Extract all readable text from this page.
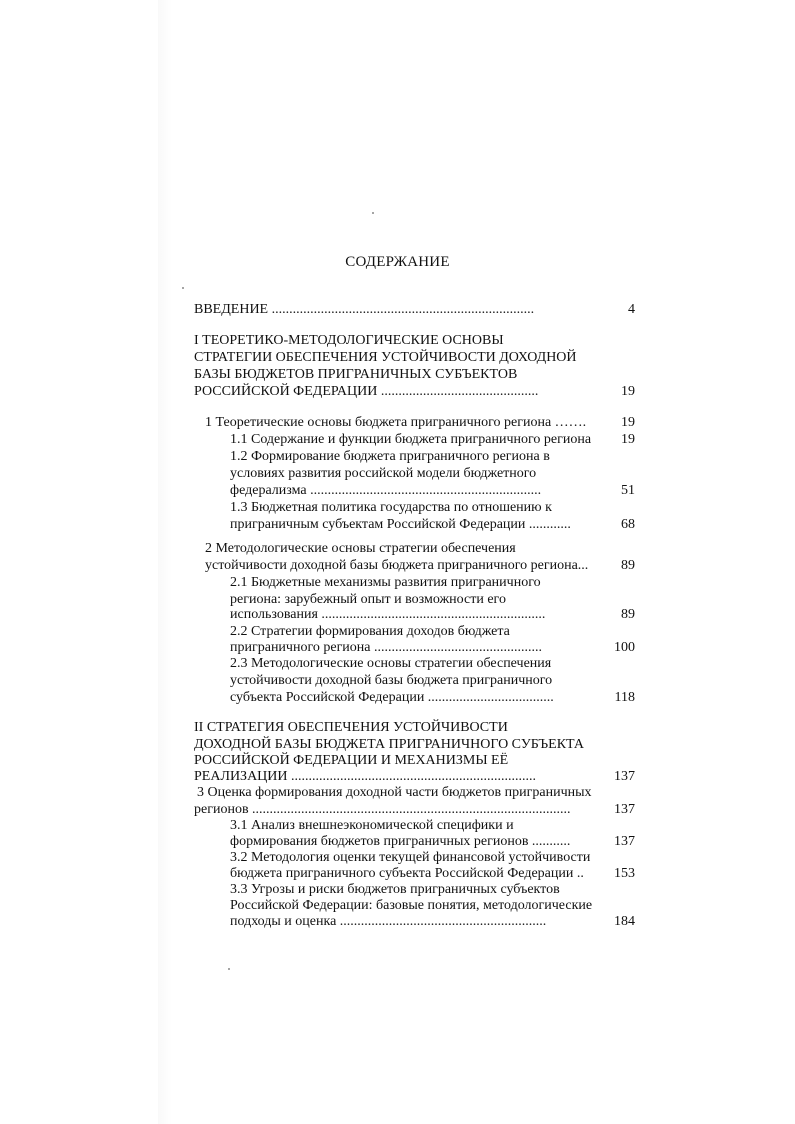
СОДЕРЖАНИЕ
ВВЕДЕНИЕ ...........................................................................	4
I ТЕОРЕТИКО-МЕТОДОЛОГИЧЕСКИЕ ОСНОВЫ
СТРАТЕГИИ ОБЕСПЕЧЕНИЯ УСТОЙЧИВОСТИ ДОХОДНОЙ
БАЗЫ БЮДЖЕТОВ ПРИГРАНИЧНЫХ СУБЪЕКТОВ
РОССИЙСКОЙ ФЕДЕРАЦИИ .............................................	19
1 Теоретические основы бюджета приграничного региона …….	19
1.1 Содержание и функции бюджета приграничного региона	19
1.2 Формирование бюджета приграничного региона в
условиях развития российской модели бюджетного
федерализма ..................................................................	51
1.3 Бюджетная политика государства по отношению к
приграничным субъектам Российской Федерации ............	68
2 Методологические основы стратегии обеспечения
устойчивости доходной базы бюджета приграничного региона...	89
2.1 Бюджетные механизмы развития приграничного
региона: зарубежный опыт и возможности его
использования ................................................................	89
2.2 Стратегии формирования доходов бюджета
приграничного региона ................................................	100
2.3 Методологические основы стратегии обеспечения
устойчивости доходной базы бюджета приграничного
субъекта Российской Федерации ....................................	118
II СТРАТЕГИЯ ОБЕСПЕЧЕНИЯ УСТОЙЧИВОСТИ
ДОХОДНОЙ БАЗЫ БЮДЖЕТА ПРИГРАНИЧНОГО СУБЪЕКТА
РОССИЙСКОЙ ФЕДЕРАЦИИ И МЕХАНИЗМЫ ЕЁ
РЕАЛИЗАЦИИ ......................................................................	137
3 Оценка формирования доходной части бюджетов приграничных
регионов ...........................................................................................	137
3.1 Анализ внешнеэкономической специфики и
формирования бюджетов приграничных регионов ...........	137
3.2 Методология оценки текущей финансовой устойчивости
бюджета приграничного субъекта Российской Федерации ..	153
3.3 Угрозы и риски бюджетов приграничных субъектов
Российской Федерации: базовые понятия, методологические
подходы и оценка ...........................................................	184
